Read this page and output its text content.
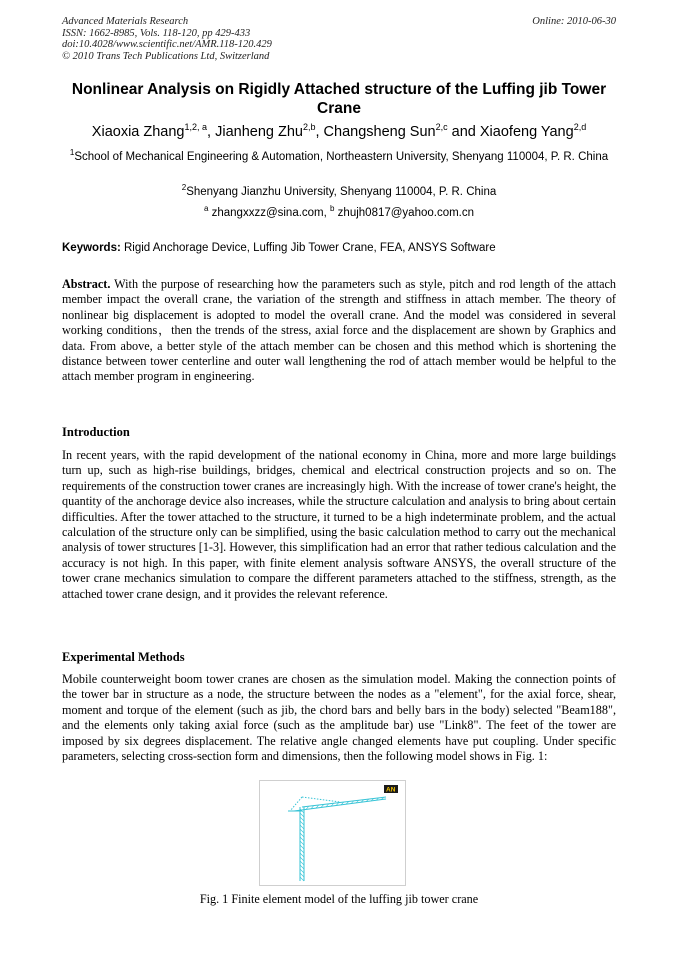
Advanced Materials Research
ISSN: 1662-8985, Vols. 118-120, pp 429-433
doi:10.4028/www.scientific.net/AMR.118-120.429
© 2010 Trans Tech Publications Ltd, Switzerland
Online: 2010-06-30
Nonlinear Analysis on Rigidly Attached structure of the Luffing jib Tower Crane
Xiaoxia Zhang$^{1,2, a}$, Jianheng Zhu$^{2,b}$, Changsheng Sun$^{2,c}$ and Xiaofeng Yang$^{2,d}$
$^1$School of Mechanical Engineering & Automation, Northeastern University, Shenyang 110004, P. R. China
$^2$Shenyang Jianzhu University, Shenyang 110004, P. R. China
$^a$ zhangxxzz@sina.com, $^b$ zhujh0817@yahoo.com.cn
Keywords: Rigid Anchorage Device, Luffing Jib Tower Crane, FEA, ANSYS Software
Abstract. With the purpose of researching how the parameters such as style, pitch and rod length of the attach member impact the overall crane, the variation of the strength and stiffness in attach member. The theory of nonlinear big displacement is adopted to model the overall crane. And the model was considered in several working conditions，then the trends of the stress, axial force and the displacement are shown by Graphics and data. From above, a better style of the attach member can be chosen and this method which is shortening the distance between tower centerline and outer wall lengthening the rod of attach member would be helpful to the attach member program in engineering.
Introduction
In recent years, with the rapid development of the national economy in China, more and more large buildings turn up, such as high-rise buildings, bridges, chemical and electrical construction projects and so on. The requirements of the construction tower cranes are increasingly high. With the increase of tower crane's height, the quantity of the anchorage device also increases, while the structure calculation and analysis to bring about certain difficulties. After the tower attached to the structure, it turned to be a high indeterminate problem, and the actual calculation of the structure only can be simplified, using the basic calculation method to carry out the mechanical analysis of tower structures [1-3]. However, this simplification had an error that rather tedious calculation and the accuracy is not high. In this paper, with finite element analysis software ANSYS, the overall structure of the tower crane mechanics simulation to compare the different parameters attached to the stiffness, strength, as the attached tower crane design, and it provides the relevant reference.
Experimental Methods
Mobile counterweight boom tower cranes are chosen as the simulation model. Making the connection points of the tower bar in structure as a node, the structure between the nodes as a "element", for the axial force, shear, moment and torque of the element (such as jib, the chord bars and belly bars in the body) selected "Beam188", and the elements only taking axial force (such as the amplitude bar) use "Link8". The feet of the tower are imposed by six degrees displacement. The relative angle changed elements have put coupling. Under specific parameters, selecting cross-section form and dimensions, then the following model shows in Fig. 1:
AN
Fig. 1 Finite element model of the luffing jib tower crane
